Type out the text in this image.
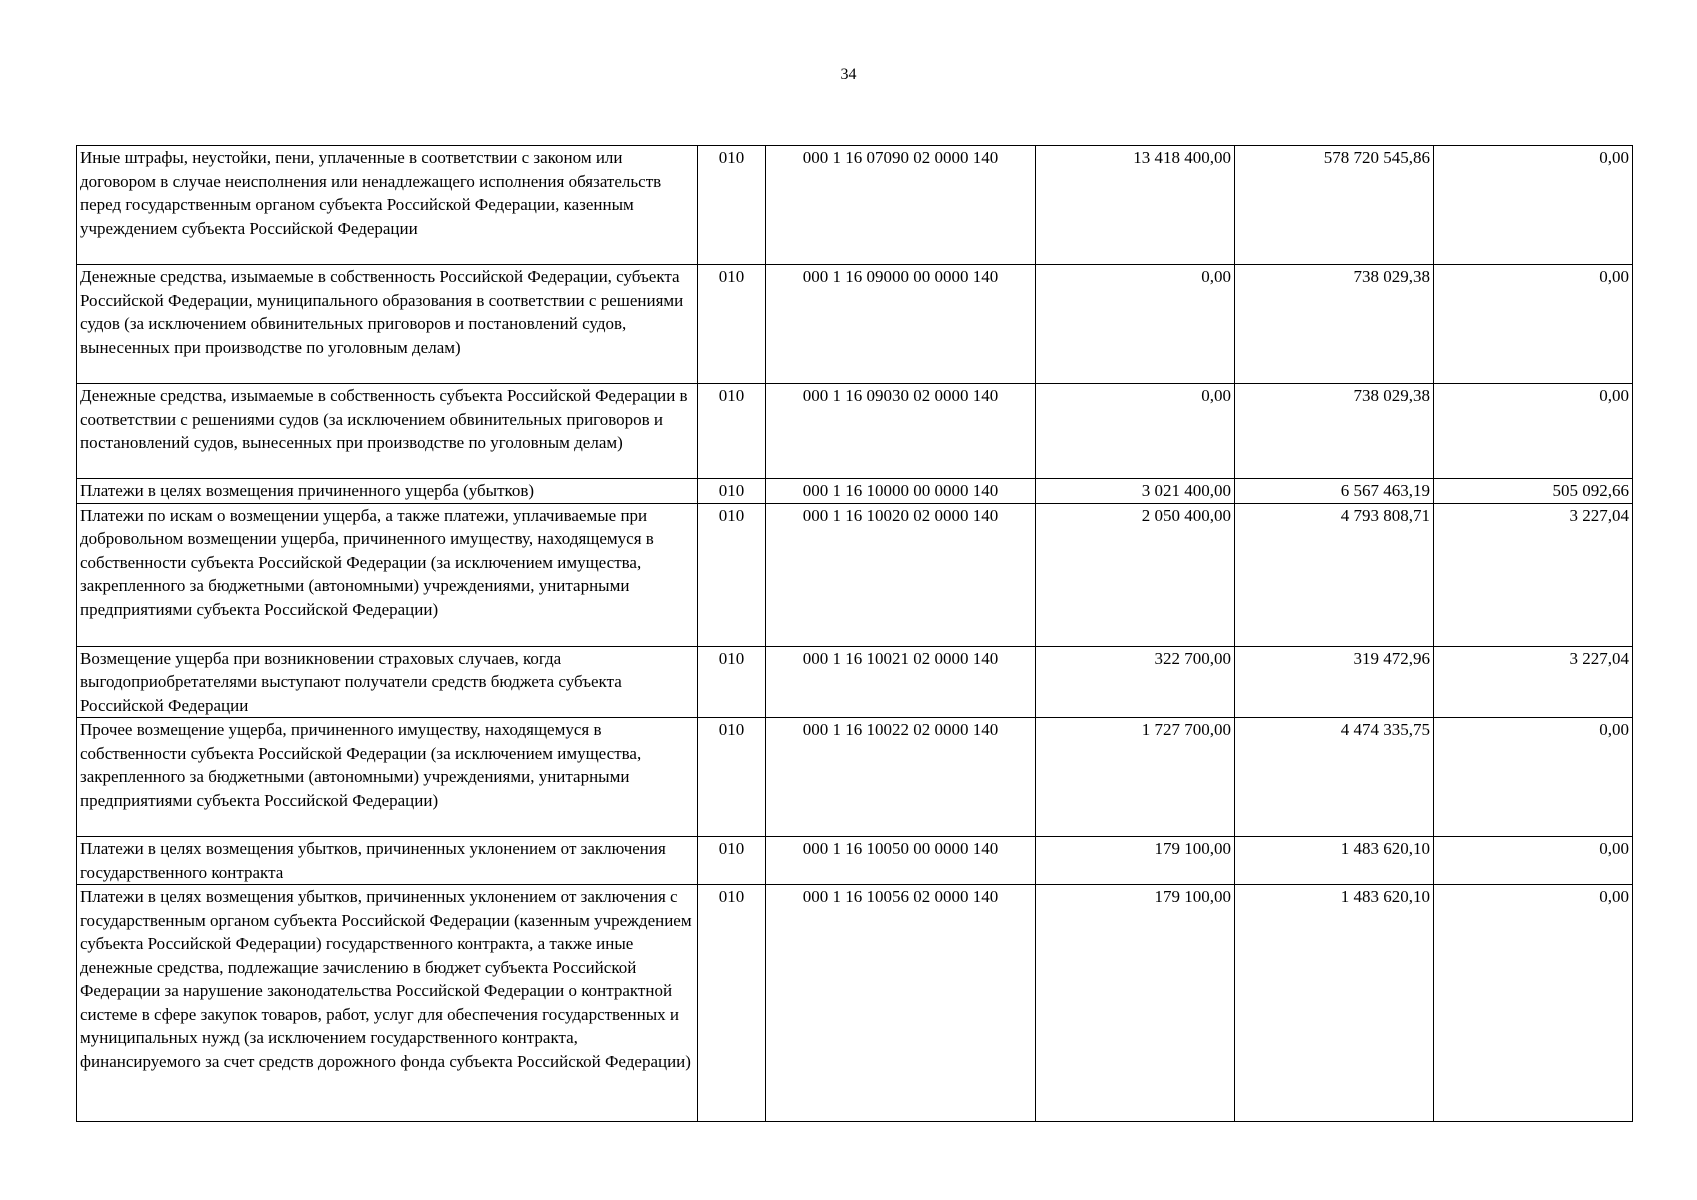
34
Иные штрафы, неустойки, пени, уплаченные в соответствии с законом или договором в случае неисполнения или ненадлежащего исполнения обязательств перед государственным органом субъекта Российской Федерации, казенным учреждением субъекта Российской Федерации	010	000 1 16 07090 02 0000 140	13 418 400,00	578 720 545,86	0,00
Денежные средства, изымаемые в собственность Российской Федерации, субъекта Российской Федерации, муниципального образования в соответствии с решениями судов (за исключением обвинительных приговоров и постановлений судов, вынесенных при производстве по уголовным делам)	010	000 1 16 09000 00 0000 140	0,00	738 029,38	0,00
Денежные средства, изымаемые в собственность субъекта Российской Федерации в соответствии с решениями судов (за исключением обвинительных приговоров и постановлений судов, вынесенных при производстве по уголовным делам)	010	000 1 16 09030 02 0000 140	0,00	738 029,38	0,00
Платежи в целях возмещения причиненного ущерба (убытков)	010	000 1 16 10000 00 0000 140	3 021 400,00	6 567 463,19	505 092,66
Платежи по искам о возмещении ущерба, а также платежи, уплачиваемые при добровольном возмещении ущерба, причиненного имуществу, находящемуся в собственности субъекта Российской Федерации (за исключением имущества, закрепленного за бюджетными (автономными) учреждениями, унитарными предприятиями субъекта Российской Федерации)	010	000 1 16 10020 02 0000 140	2 050 400,00	4 793 808,71	3 227,04
Возмещение ущерба при возникновении страховых случаев, когда выгодоприобретателями выступают получатели средств бюджета субъекта Российской Федерации	010	000 1 16 10021 02 0000 140	322 700,00	319 472,96	3 227,04
Прочее возмещение ущерба, причиненного имуществу, находящемуся в собственности субъекта Российской Федерации (за исключением имущества, закрепленного за бюджетными (автономными) учреждениями, унитарными предприятиями субъекта Российской Федерации)	010	000 1 16 10022 02 0000 140	1 727 700,00	4 474 335,75	0,00
Платежи в целях возмещения убытков, причиненных уклонением от заключения государственного контракта	010	000 1 16 10050 00 0000 140	179 100,00	1 483 620,10	0,00
Платежи в целях возмещения убытков, причиненных уклонением от заключения с государственным органом субъекта Российской Федерации (казенным учреждением субъекта Российской Федерации) государственного контракта, а также иные денежные средства, подлежащие зачислению в бюджет субъекта Российской Федерации за нарушение законодательства Российской Федерации о контрактной системе в сфере закупок товаров, работ, услуг для обеспечения государственных и муниципальных нужд (за исключением государственного контракта, финансируемого за счет средств дорожного фонда субъекта Российской Федерации)	010	000 1 16 10056 02 0000 140	179 100,00	1 483 620,10	0,00
